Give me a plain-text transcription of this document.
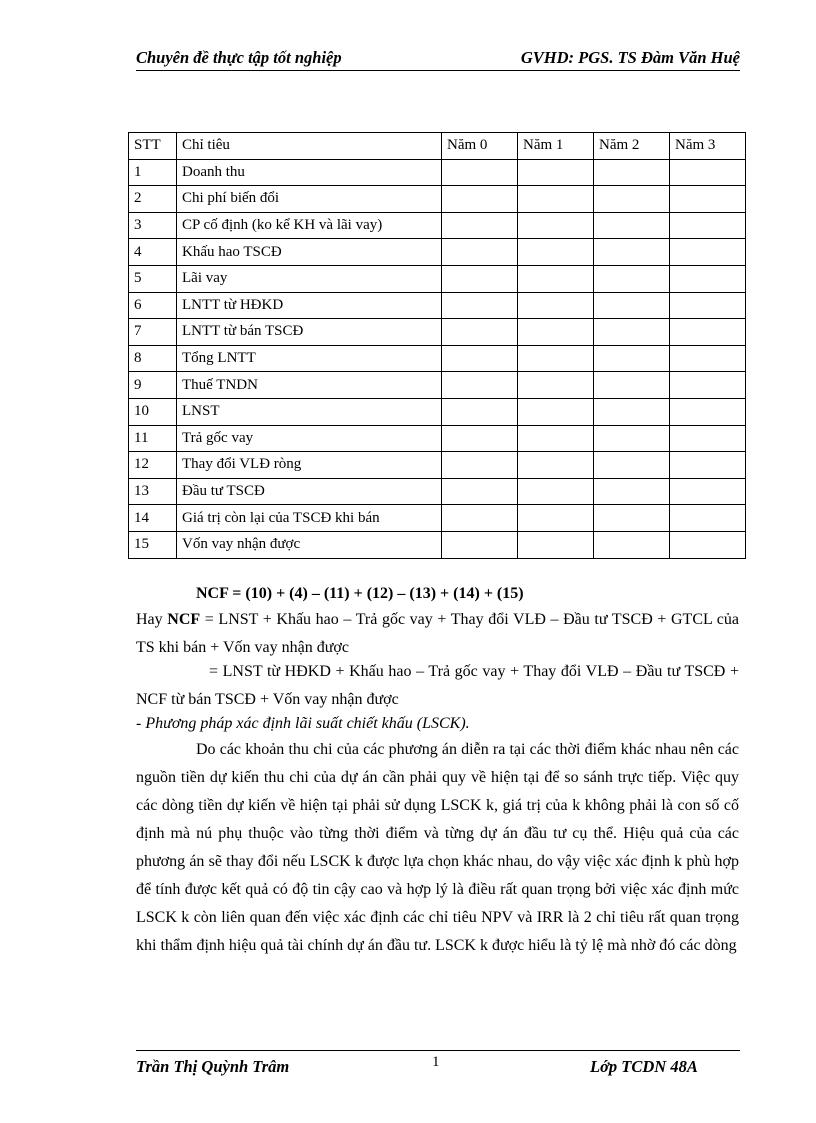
Chuyên đề thực tập tốt nghiệp	GVHD: PGS. TS Đàm Văn Huệ
STT	Chỉ tiêu	Năm 0	Năm 1	Năm 2	Năm 3
1	Doanh thu				
2	Chi phí biến đổi				
3	CP cố định (ko kể KH và lãi vay)				
4	Khấu hao TSCĐ				
5	Lãi vay				
6	LNTT từ HĐKD				
7	LNTT từ bán TSCĐ				
8	Tổng LNTT				
9	Thuế TNDN				
10	LNST				
11	Trả gốc vay				
12	Thay đổi VLĐ ròng				
13	Đầu tư TSCĐ				
14	Giá trị còn lại của TSCĐ khi bán				
15	Vốn vay nhận được				
NCF = (10) + (4) – (11) + (12) – (13) + (14) + (15)
Hay NCF = LNST + Khấu hao – Trả gốc vay + Thay đổi VLĐ – Đầu tư TSCĐ + GTCL của TS khi bán + Vốn vay nhận được
= LNST từ HĐKD + Khấu hao – Trả gốc vay + Thay đổi VLĐ – Đầu tư TSCĐ + NCF từ bán TSCĐ + Vốn vay nhận được
- Phương pháp xác định lãi suất chiết khấu (LSCK).
Do các khoản thu chi của các phương án diễn ra tại các thời điểm khác nhau nên các nguồn tiền dự kiến thu chi của dự án cần phải quy về hiện tại để so sánh trực tiếp. Việc quy các dòng tiền dự kiến về hiện tại phải sử dụng LSCK k, giá trị của k không phải là con số cố định mà nú phụ thuộc vào từng thời điểm và từng dự án đầu tư cụ thể. Hiệu quả của các phương án sẽ thay đổi nếu LSCK k được lựa chọn khác nhau, do vậy việc xác định k phù hợp để tính được kết quả có độ tin cậy cao và hợp lý là điều rất quan trọng bởi việc xác định mức LSCK k còn liên quan đến việc xác định các chỉ tiêu NPV và IRR là 2 chỉ tiêu rất quan trọng khi thẩm định hiệu quả tài chính dự án đầu tư. LSCK k được hiểu là tỷ lệ mà nhờ đó các dòng
Trần Thị Quỳnh Trâm	1	Lớp TCDN 48A
